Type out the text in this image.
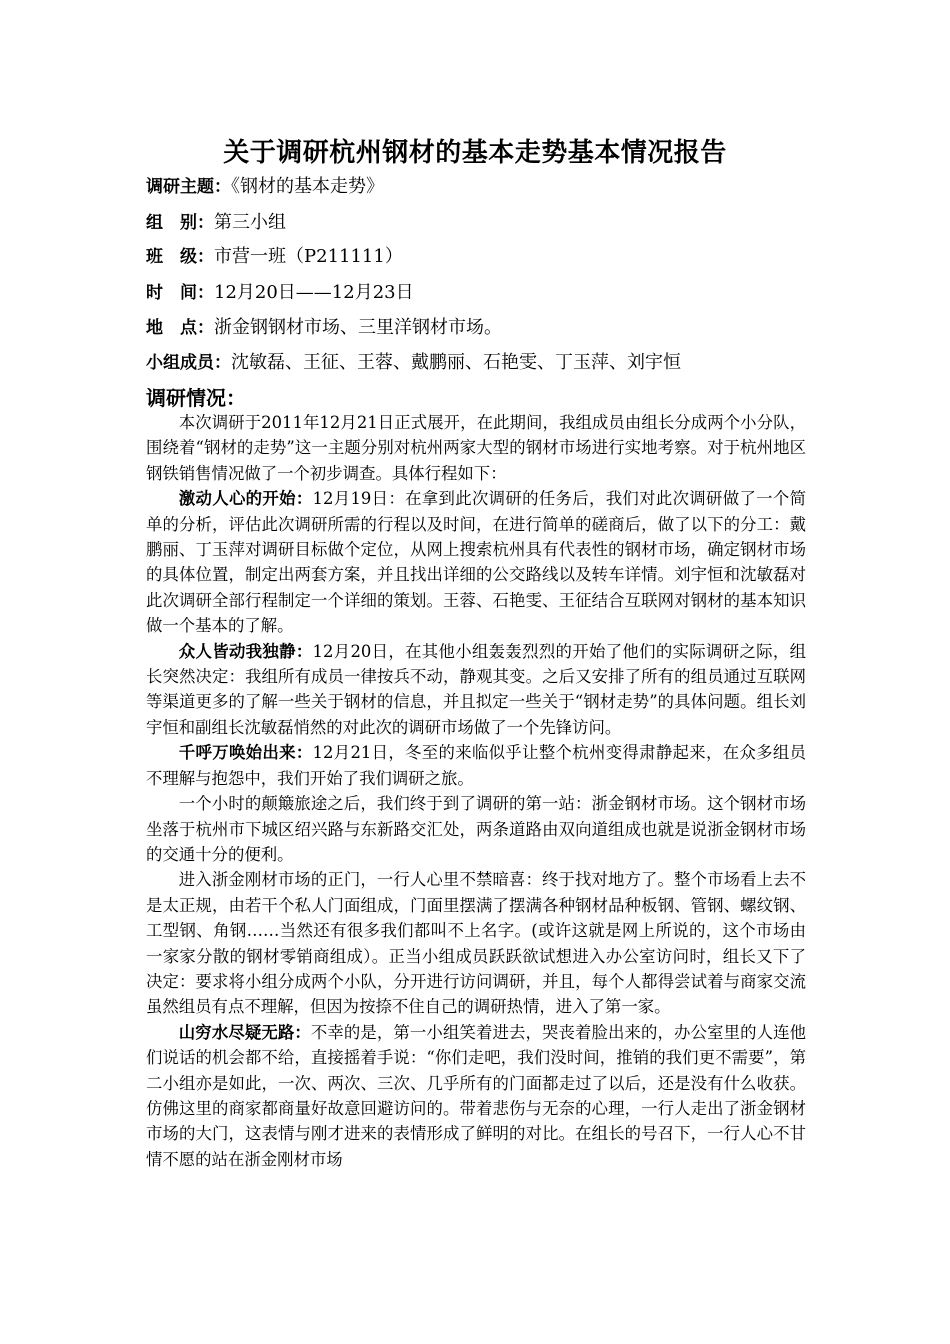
关于调研杭州钢材的基本走势基本情况报告
调研主题：《钢材的基本走势》
组　别：第三小组
班　级：市营一班（P211111）
时　间：12月20日——12月23日
地　点：浙金钢钢材市场、三里洋钢材市场。
小组成员：沈敏磊、王征、王蓉、戴鹏丽、石艳雯、丁玉萍、刘宇恒
调研情况：

本次调研于2011年12月21日正式展开，在此期间，我组成员由组长分成两个小分队，围绕着“钢材的走势”这一主题分别对杭州两家大型的钢材市场进行实地考察。对于杭州地区钢铁销售情况做了一个初步调查。具体行程如下：

激动人心的开始：12月19日：在拿到此次调研的任务后，我们对此次调研做了一个简单的分析，评估此次调研所需的行程以及时间，在进行简单的磋商后，做了以下的分工：戴鹏丽、丁玉萍对调研目标做个定位，从网上搜索杭州具有代表性的钢材市场，确定钢材市场的具体位置，制定出两套方案，并且找出详细的公交路线以及转车详情。刘宇恒和沈敏磊对此次调研全部行程制定一个详细的策划。王蓉、石艳雯、王征结合互联网对钢材的基本知识做一个基本的了解。

众人皆动我独静：12月20日，在其他小组轰轰烈烈的开始了他们的实际调研之际，组长突然决定：我组所有成员一律按兵不动，静观其变。之后又安排了所有的组员通过互联网等渠道更多的了解一些关于钢材的信息，并且拟定一些关于“钢材走势”的具体问题。组长刘宇恒和副组长沈敏磊悄然的对此次的调研市场做了一个先锋访问。

千呼万唤始出来：12月21日，冬至的来临似乎让整个杭州变得肃静起来，在众多组员不理解与抱怨中，我们开始了我们调研之旅。

一个小时的颠簸旅途之后，我们终于到了调研的第一站：浙金钢材市场。这个钢材市场坐落于杭州市下城区绍兴路与东新路交汇处，两条道路由双向道组成也就是说浙金钢材市场的交通十分的便利。

进入浙金刚材市场的正门，一行人心里不禁暗喜：终于找对地方了。整个市场看上去不是太正规，由若干个私人门面组成，门面里摆满了摆满各种钢材品种板钢、管钢、螺纹钢、工型钢、角钢……当然还有很多我们都叫不上名字。(或许这就是网上所说的，这个市场由一家家分散的钢材零销商组成）。正当小组成员跃跃欲试想进入办公室访问时，组长又下了决定：要求将小组分成两个小队，分开进行访问调研，并且，每个人都得尝试着与商家交流虽然组员有点不理解，但因为按捺不住自己的调研热情，进入了第一家。

山穷水尽疑无路：不幸的是，第一小组笑着进去，哭丧着脸出来的，办公室里的人连他们说话的机会都不给，直接摇着手说：“你们走吧，我们没时间，推销的我们更不需要”，第二小组亦是如此，一次、两次、三次、几乎所有的门面都走过了以后，还是没有什么收获。仿佛这里的商家都商量好故意回避访问的。带着悲伤与无奈的心理，一行人走出了浙金钢材市场的大门，这表情与刚才进来的表情形成了鲜明的对比。在组长的号召下，一行人心不甘情不愿的站在浙金刚材市场
